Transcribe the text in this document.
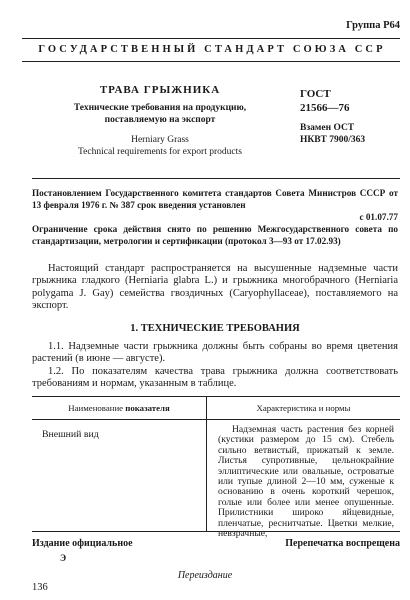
Группа Р64
ГОСУДАРСТВЕННЫЙ СТАНДАРТ СОЮЗА ССР
ТРАВА ГРЫЖНИКА
Технические требования на продукцию,
поставляемую на экспорт
Herniary Grass
Technical requirements for export products
ГОСТ
21566—76
Взамен ОСТ
НКВТ 7900/363
Постановлением Государственного комитета стандартов Совета Министров СССР от 13 февраля 1976 г. № 387 срок введения установлен
с 01.07.77
Ограничение срока действия снято по решению Межгосударственного совета по стандартизации, метрологии и сертификации (протокол 3—93 от 17.02.93)
Настоящий стандарт распространяется на высушенные надземные части грыжника гладкого (Herniaria glabra L.) и грыжника многобрачного (Herniaria polygama J. Gay) семейства гвоздичных (Caryophyllaceae), поставляемого на экспорт.
1. ТЕХНИЧЕСКИЕ ТРЕБОВАНИЯ
1.1. Надземные части грыжника должны быть собраны во время цветения растений (в июне — августе).
1.2. По показателям качества трава грыжника должна соответствовать требованиям и нормам, указанным в таблице.
Наименование показателя	Характеристика и нормы
Внешний вид	Надземная часть растения без корней (кустики размером до 15 см). Стебель сильно ветвистый, прижатый к земле. Листья супротивные, цельнокрайние эллиптические или овальные, островатые или тупые длиной 2—10 мм, суженые к основанию в очень короткий черешок, голые или более или менее опушенные. Прилистники широко яйцевидные, пленчатые, реснитчатые. Цветки мелкие, невзрачные,
Издание официальное	Перепечатка воспрещена
Э
Переиздание
136
